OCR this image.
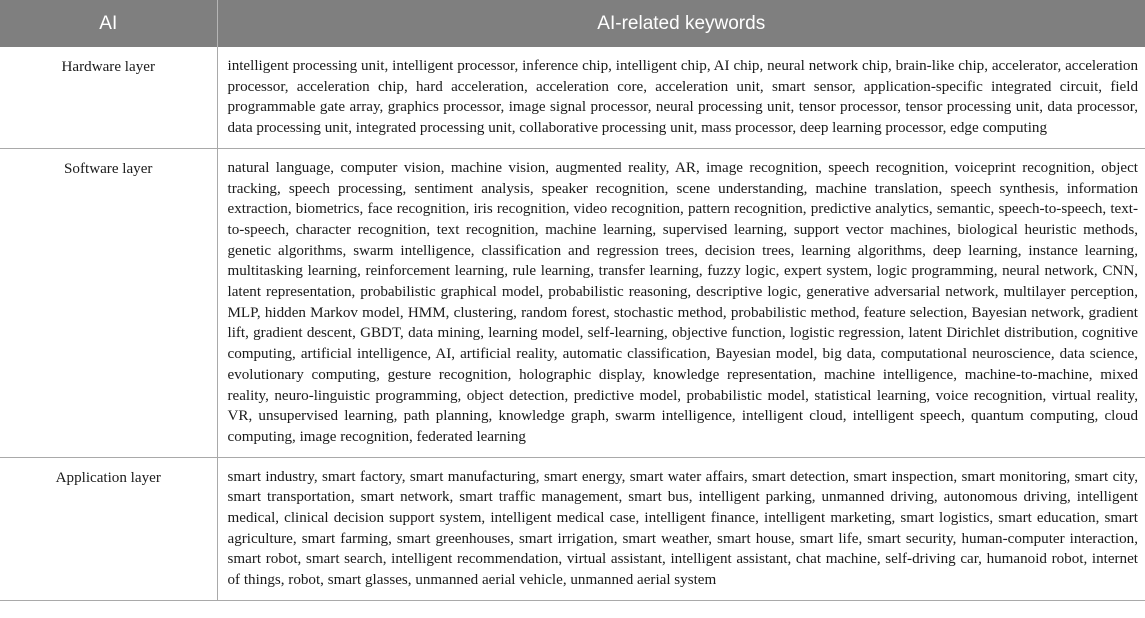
AI	AI-related keywords
Hardware layer	intelligent processing unit, intelligent processor, inference chip, intelligent chip, AI chip, neural network chip, brain-like chip, accelerator, acceleration processor, acceleration chip, hard acceleration, acceleration core, acceleration unit, smart sensor, application-specific integrated circuit, field programmable gate array, graphics processor, image signal processor, neural processing unit, tensor processor, tensor processing unit, data processor, data processing unit, integrated processing unit, collaborative processing unit, mass processor, deep learning processor, edge computing
Software layer	natural language, computer vision, machine vision, augmented reality, AR, image recognition, speech recognition, voiceprint recognition, object tracking, speech processing, sentiment analysis, speaker recognition, scene understanding, machine translation, speech synthesis, information extraction, biometrics, face recognition, iris recognition, video recognition, pattern recognition, predictive analytics, semantic, speech-to-speech, text-to-speech, character recognition, text recognition, machine learning, supervised learning, support vector machines, biological heuristic methods, genetic algorithms, swarm intelligence, classification and regression trees, decision trees, learning algorithms, deep learning, instance learning, multitasking learning, reinforcement learning, rule learning, transfer learning, fuzzy logic, expert system, logic programming, neural network, CNN, latent representation, probabilistic graphical model, probabilistic reasoning, descriptive logic, generative adversarial network, multilayer perception, MLP, hidden Markov model, HMM, clustering, random forest, stochastic method, probabilistic method, feature selection, Bayesian network, gradient lift, gradient descent, GBDT, data mining, learning model, self-learning, objective function, logistic regression, latent Dirichlet distribution, cognitive computing, artificial intelligence, AI, artificial reality, automatic classification, Bayesian model, big data, computational neuroscience, data science, evolutionary computing, gesture recognition, holographic display, knowledge representation, machine intelligence, machine-to-machine, mixed reality, neuro-linguistic programming, object detection, predictive model, probabilistic model, statistical learning, voice recognition, virtual reality, VR, unsupervised learning, path planning, knowledge graph, swarm intelligence, intelligent cloud, intelligent speech, quantum computing, cloud computing, image recognition, federated learning
Application layer	smart industry, smart factory, smart manufacturing, smart energy, smart water affairs, smart detection, smart inspection, smart monitoring, smart city, smart transportation, smart network, smart traffic management, smart bus, intelligent parking, unmanned driving, autonomous driving, intelligent medical, clinical decision support system, intelligent medical case, intelligent finance, intelligent marketing, smart logistics, smart education, smart agriculture, smart farming, smart greenhouses, smart irrigation, smart weather, smart house, smart life, smart security, human-computer interaction, smart robot, smart search, intelligent recommendation, virtual assistant, intelligent assistant, chat machine, self-driving car, humanoid robot, internet of things, robot, smart glasses, unmanned aerial vehicle, unmanned aerial system
